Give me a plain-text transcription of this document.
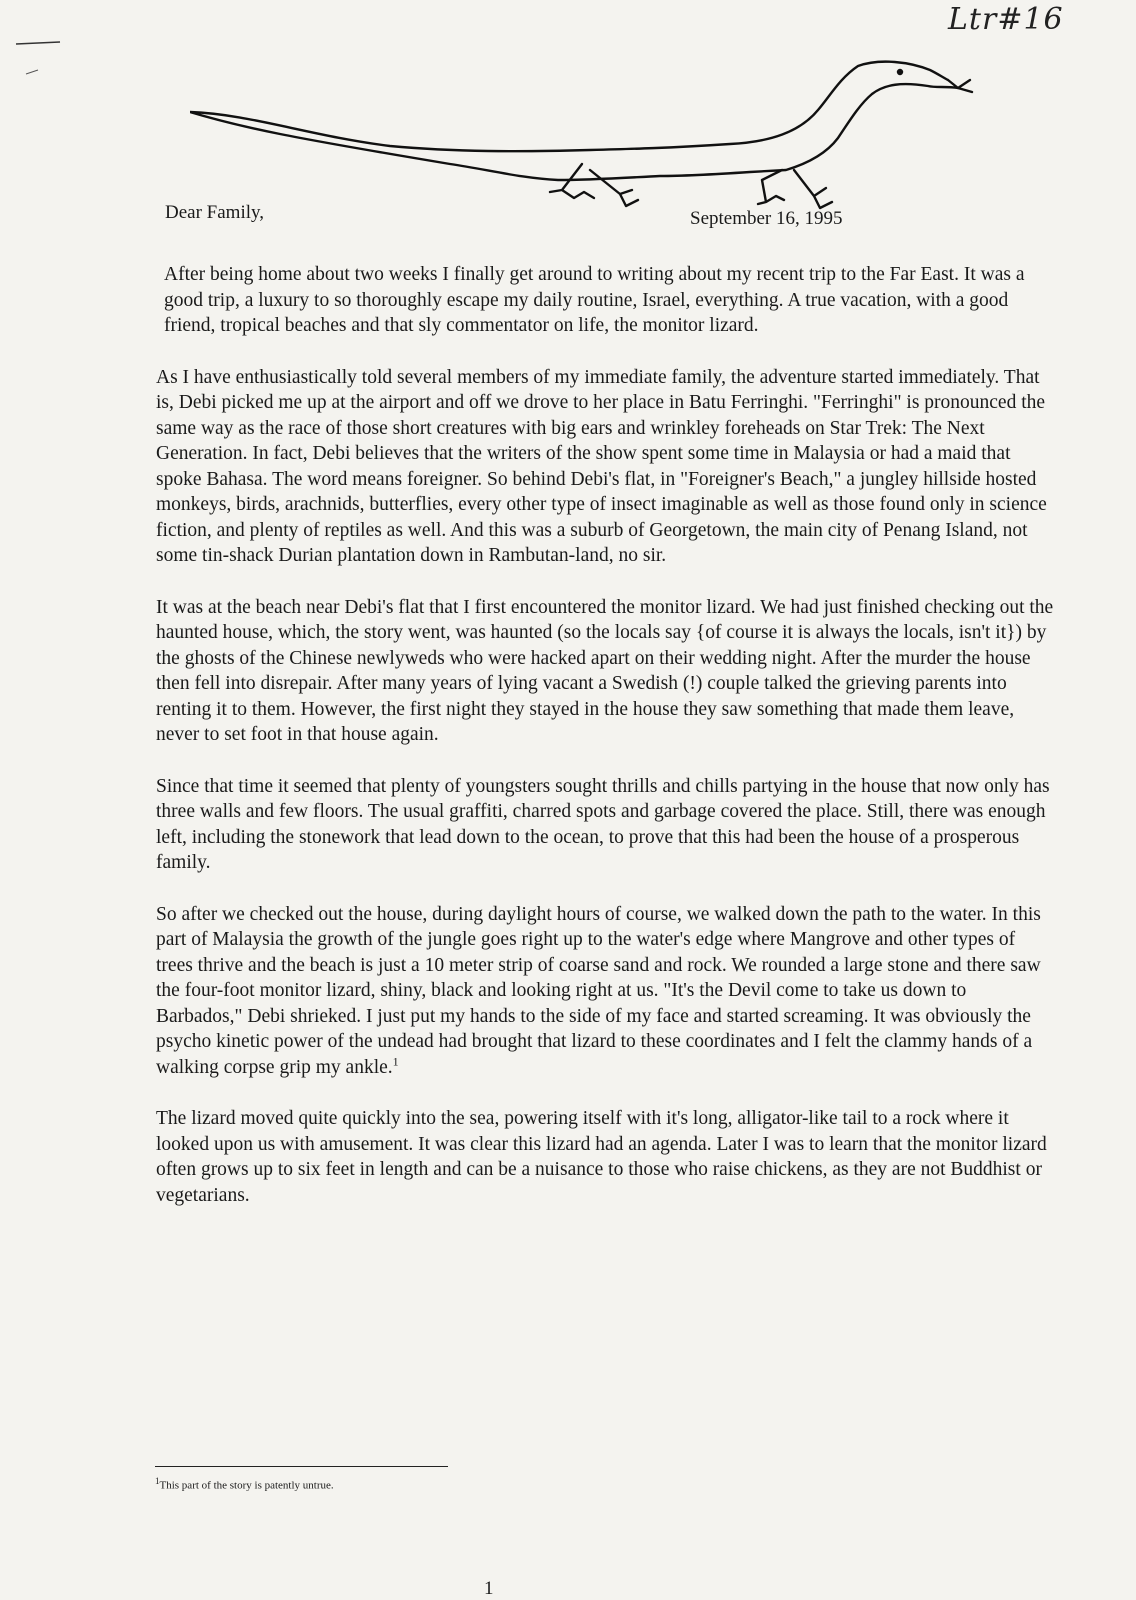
Ltr#16
Dear Family,	September 16, 1995

After being home about two weeks I finally get around to writing about my recent trip to the Far East. It was a good trip, a luxury to so thoroughly escape my daily routine, Israel, everything. A true vacation, with a good friend, tropical beaches and that sly commentator on life, the monitor lizard.

As I have enthusiastically told several members of my immediate family, the adventure started immediately. That is, Debi picked me up at the airport and off we drove to her place in Batu Ferringhi. "Ferringhi" is pronounced the same way as the race of those short creatures with big ears and wrinkley foreheads on Star Trek: The Next Generation. In fact, Debi believes that the writers of the show spent some time in Malaysia or had a maid that spoke Bahasa. The word means foreigner. So behind Debi's flat, in "Foreigner's Beach," a jungley hillside hosted monkeys, birds, arachnids, butterflies, every other type of insect imaginable as well as those found only in science fiction, and plenty of reptiles as well. And this was a suburb of Georgetown, the main city of Penang Island, not some tin-shack Durian plantation down in Rambutan-land, no sir.

It was at the beach near Debi's flat that I first encountered the monitor lizard. We had just finished checking out the haunted house, which, the story went, was haunted (so the locals say {of course it is always the locals, isn't it}) by the ghosts of the Chinese newlyweds who were hacked apart on their wedding night. After the murder the house then fell into disrepair. After many years of lying vacant a Swedish (!) couple talked the grieving parents into renting it to them. However, the first night they stayed in the house they saw something that made them leave, never to set foot in that house again.

Since that time it seemed that plenty of youngsters sought thrills and chills partying in the house that now only has three walls and few floors. The usual graffiti, charred spots and garbage covered the place. Still, there was enough left, including the stonework that lead down to the ocean, to prove that this had been the house of a prosperous family.

So after we checked out the house, during daylight hours of course, we walked down the path to the water. In this part of Malaysia the growth of the jungle goes right up to the water's edge where Mangrove and other types of trees thrive and the beach is just a 10 meter strip of coarse sand and rock. We rounded a large stone and there saw the four-foot monitor lizard, shiny, black and looking right at us. "It's the Devil come to take us down to Barbados," Debi shrieked. I just put my hands to the side of my face and started screaming. It was obviously the psycho kinetic power of the undead had brought that lizard to these coordinates and I felt the clammy hands of a walking corpse grip my ankle.$^1$

The lizard moved quite quickly into the sea, powering itself with it's long, alligator-like tail to a rock where it looked upon us with amusement. It was clear this lizard had an agenda. Later I was to learn that the monitor lizard often grows up to six feet in length and can be a nuisance to those who raise chickens, as they are not Buddhist or vegetarians.

$^1$This part of the story is patently untrue.
1
